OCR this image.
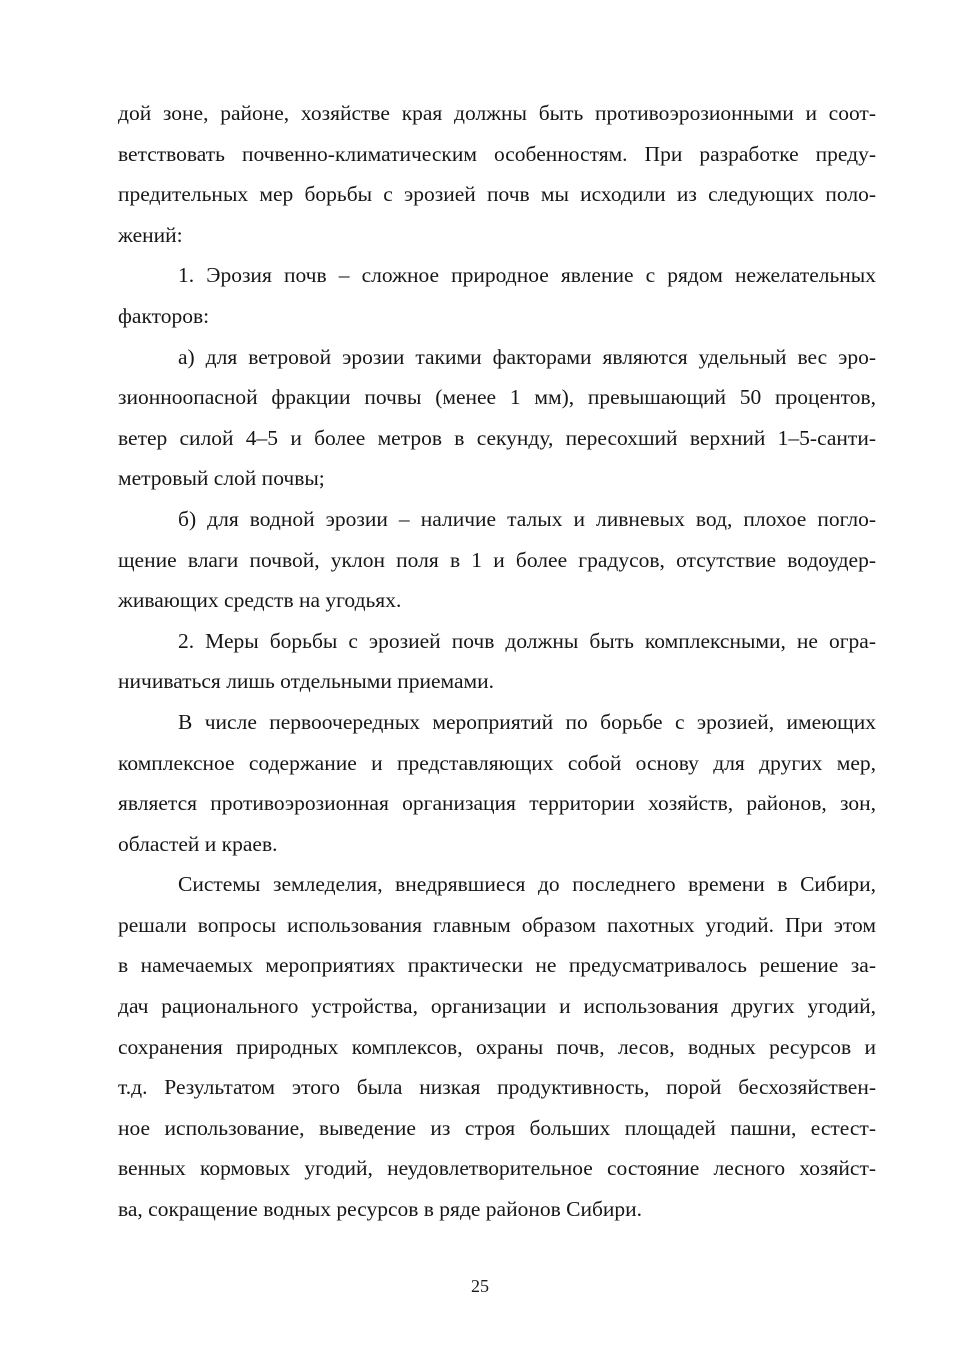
дой зоне, районе, хозяйстве края должны быть противоэрозионными и соот-
ветствовать почвенно-климатическим особенностям. При разработке преду-
предительных мер борьбы с эрозией почв мы исходили из следующих поло-
жений:
1. Эрозия почв – сложное природное явление с рядом нежелательных
факторов:
а) для ветровой эрозии такими факторами являются удельный вес эро-
зионноопасной фракции почвы (менее 1 мм), превышающий 50 процентов,
ветер силой 4–5 и более метров в секунду, пересохший верхний 1–5-санти-
метровый слой почвы;
б) для водной эрозии – наличие талых и ливневых вод, плохое погло-
щение влаги почвой, уклон поля в 1 и более градусов, отсутствие водоудер-
живающих средств на угодьях.
2. Меры борьбы с эрозией почв должны быть комплексными, не огра-
ничиваться лишь отдельными приемами.
В числе первоочередных мероприятий по борьбе с эрозией, имеющих
комплексное содержание и представляющих собой основу для других мер,
является противоэрозионная организация территории хозяйств, районов, зон,
областей и краев.
Системы земледелия, внедрявшиеся до последнего времени в Сибири,
решали вопросы использования главным образом пахотных угодий. При этом
в намечаемых мероприятиях практически не предусматривалось решение за-
дач рационального устройства, организации и использования других угодий,
сохранения природных комплексов, охраны почв, лесов, водных ресурсов и
т.д. Результатом этого была низкая продуктивность, порой бесхозяйствен-
ное использование, выведение из строя больших площадей пашни, естест-
венных кормовых угодий, неудовлетворительное состояние лесного хозяйст-
ва, сокращение водных ресурсов в ряде районов Сибири.
25
